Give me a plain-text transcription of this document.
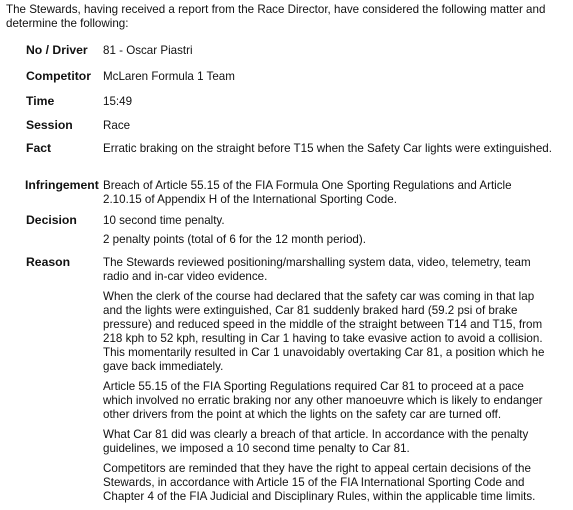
The Stewards, having received a report from the Race Director, have considered the following matter and determine the following:

No / Driver 81 - Oscar Piastri

Competitor McLaren Formula 1 Team

Time	15:49

Session	Race

Fact	Erratic braking on the straight before T15 when the Safety Car lights were extinguished.

Infringement Breach of Article 55.15 of the FIA Formula One Sporting Regulations and Article 2.10.15 of Appendix H of the International Sporting Code.

Decision 10 second time penalty.

2 penalty points (total of 6 for the 12 month period).

Reason	The Stewards reviewed positioning/marshalling system data, video, telemetry, team radio and in-car video evidence.

When the clerk of the course had declared that the safety car was coming in that lap and the lights were extinguished, Car 81 suddenly braked hard (59.2 psi of brake pressure) and reduced speed in the middle of the straight between T14 and T15, from 218 kph to 52 kph, resulting in Car 1 having to take evasive action to avoid a collision. This momentarily resulted in Car 1 unavoidably overtaking Car 81, a position which he gave back immediately.

Article 55.15 of the FIA Sporting Regulations required Car 81 to proceed at a pace which involved no erratic braking nor any other manoeuvre which is likely to endanger other drivers from the point at which the lights on the safety car are turned off.

What Car 81 did was clearly a breach of that article. In accordance with the penalty guidelines, we imposed a 10 second time penalty to Car 81.

Competitors are reminded that they have the right to appeal certain decisions of the Stewards, in accordance with Article 15 of the FIA International Sporting Code and Chapter 4 of the FIA Judicial and Disciplinary Rules, within the applicable time limits.
